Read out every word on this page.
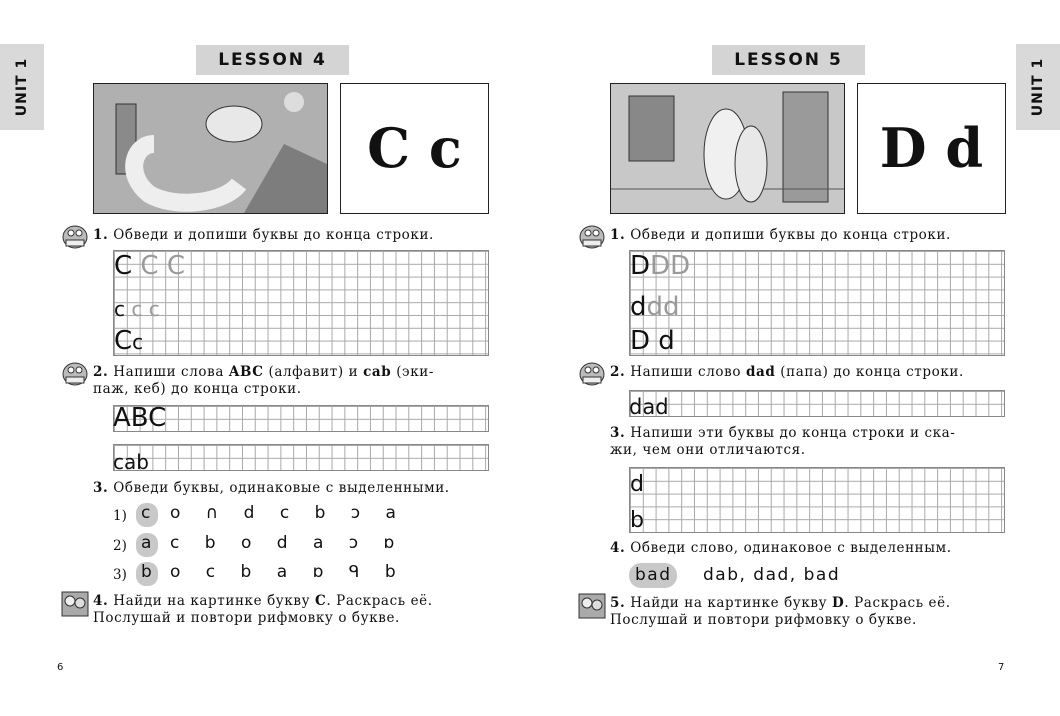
UNIT 1	LESSON 4
C c
1. Обведи и допиши буквы до конца строки.
C C C
c c c
Cc
2. Напиши слова ABC (алфавит) и cab (эки-
паж, кеб) до конца строки.
ABC
cab
3. Обведи буквы, одинаковые с выделенными.
1) c o ∩ d c b ɔ a
2) a c b o d a ɔ ɒ
3) b o c b a ɒ ᑫ b
4. Найди на картинке букву C. Раскрась её.
Послушай и повтори рифмовку о букве.
6
UNIT 1
LESSON 5
D d
1. Обведи и допиши буквы до конца строки.
DDD
ddd
D d
2. Напиши слово dad (папа) до конца строки.
dad
3. Напиши эти буквы до конца строки и ска-
жи, чем они отличаются.
d
b
4. Обведи слово, одинаковое с выделенным.
bad dab, dad, bad
5. Найди на картинке букву D. Раскрась её.
Послушай и повтори рифмовку о букве.
7
